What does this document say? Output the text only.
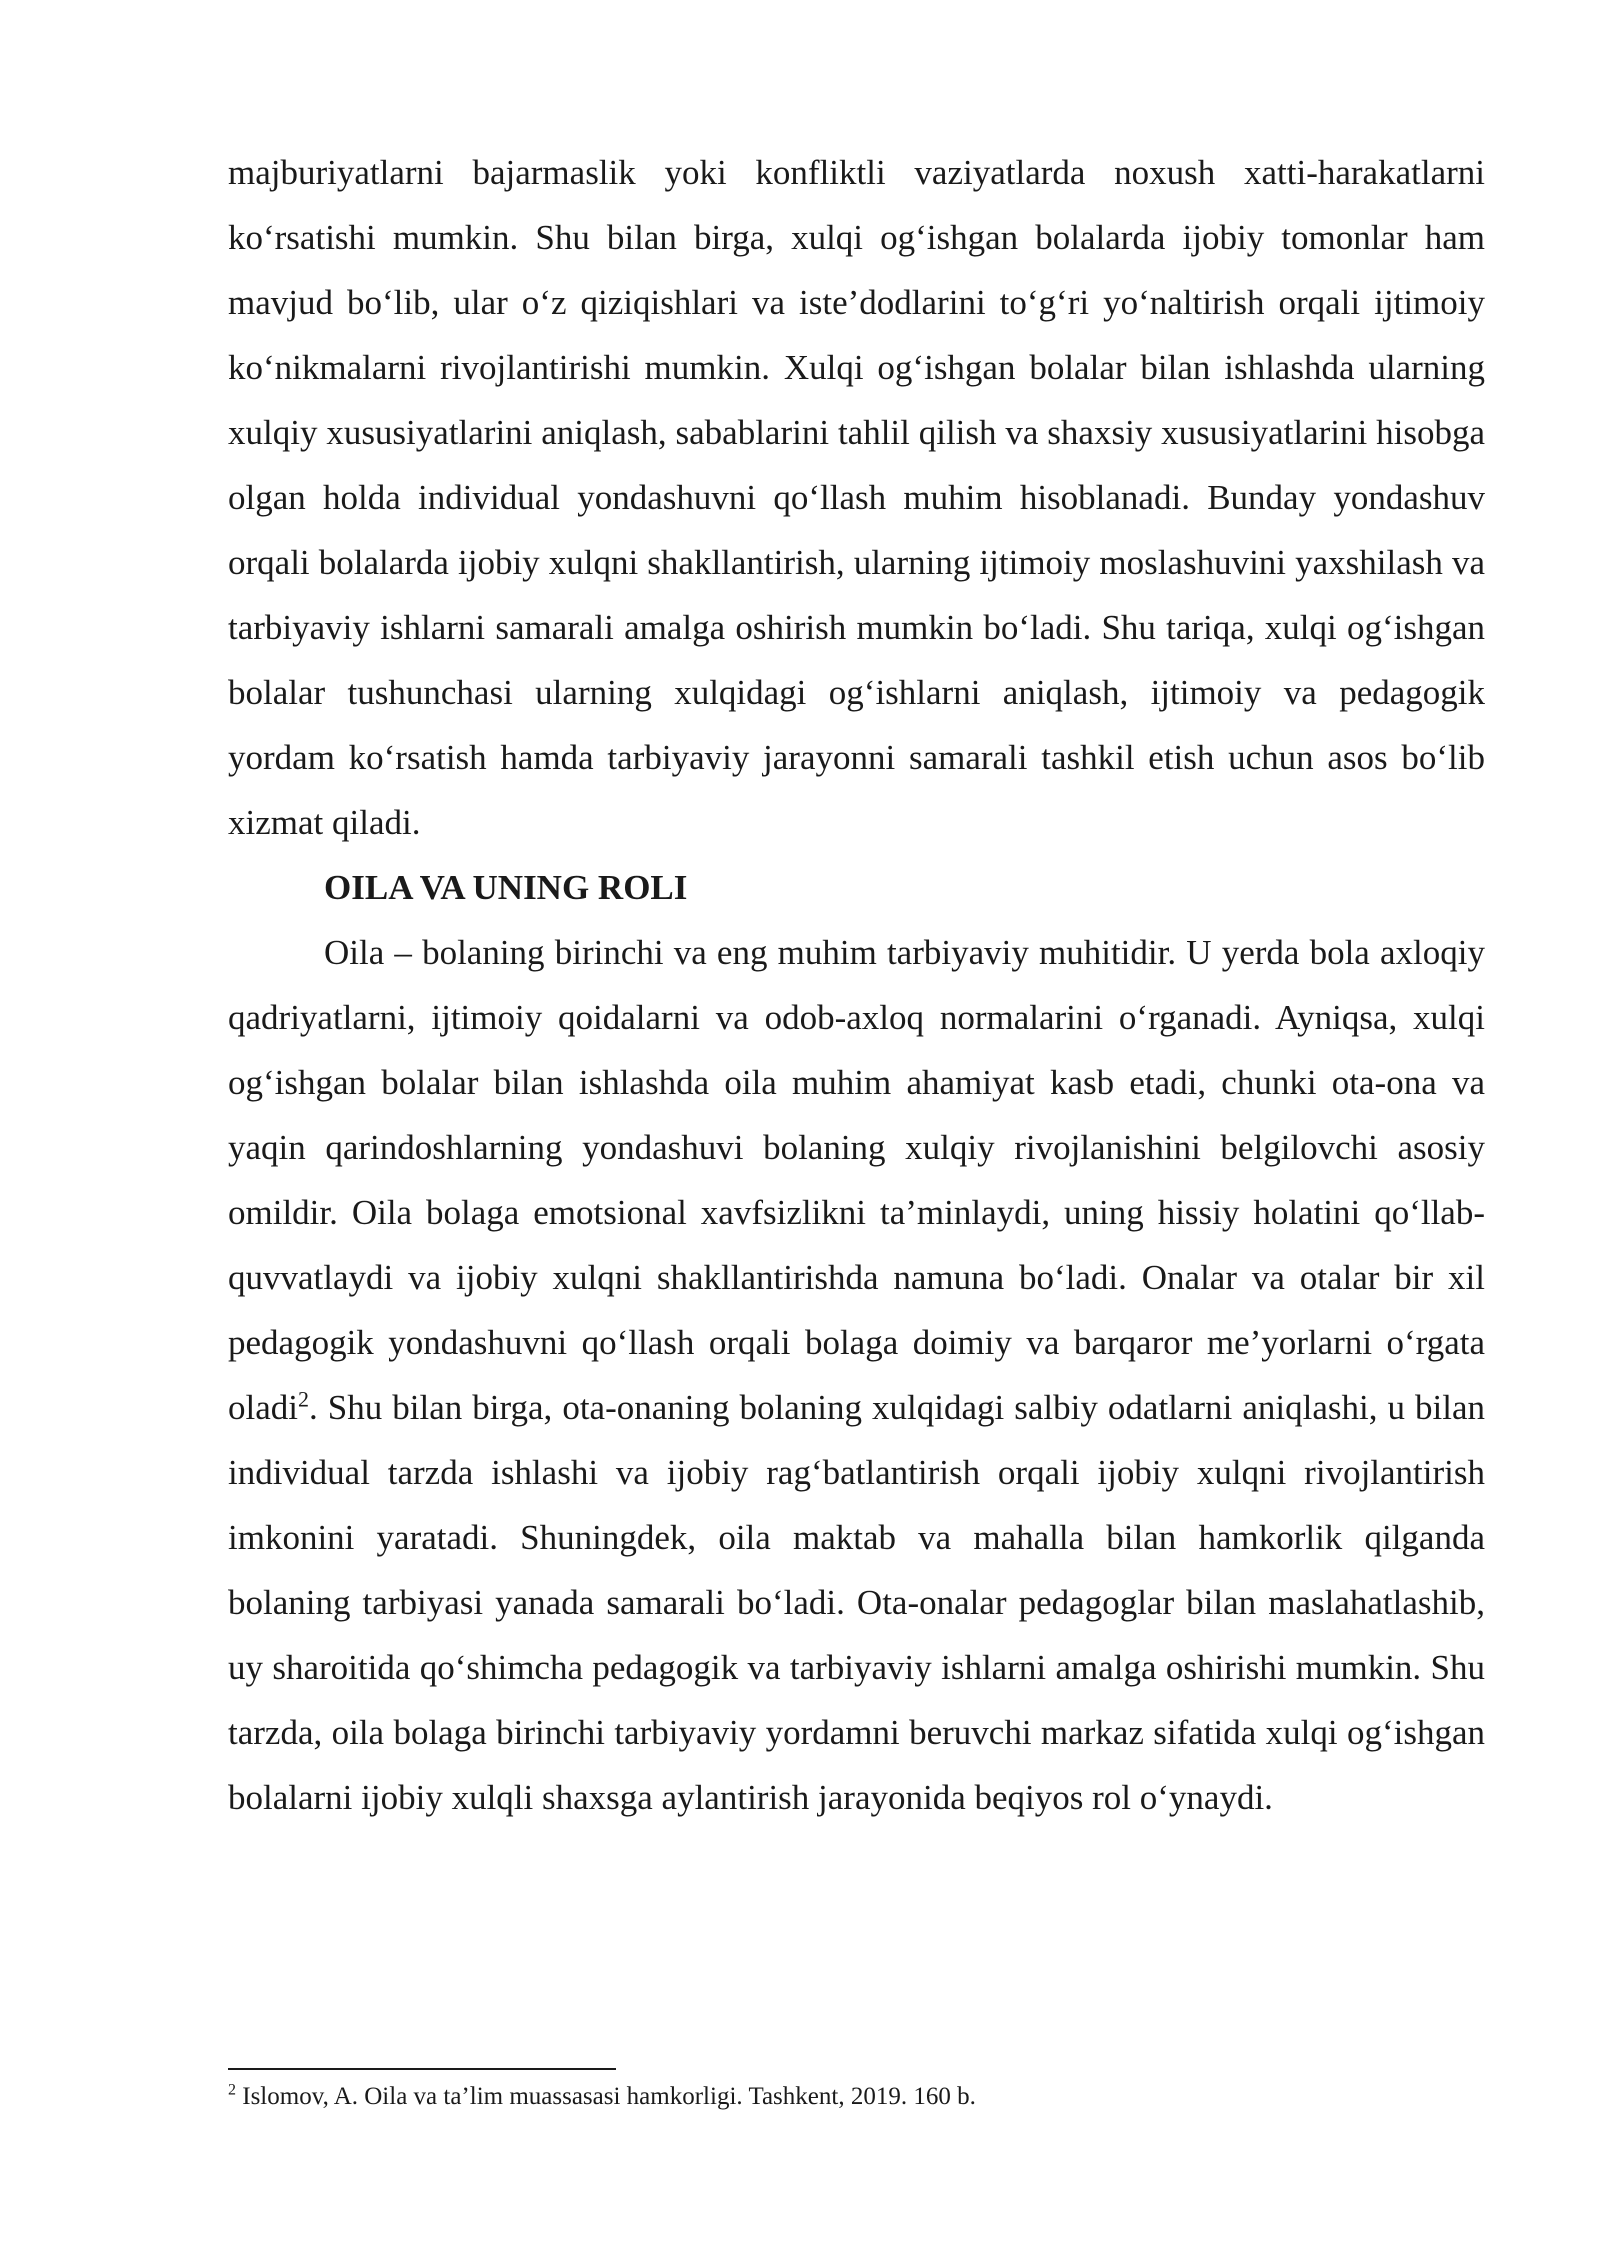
majburiyatlarni bajarmaslik yoki konfliktli vaziyatlarda noxush xatti-harakatlarni ko‘rsatishi mumkin. Shu bilan birga, xulqi og‘ishgan bolalarda ijobiy tomonlar ham mavjud bo‘lib, ular o‘z qiziqishlari va iste’dodlarini to‘g‘ri yo‘naltirish orqali ijtimoiy ko‘nikmalarni rivojlantirishi mumkin. Xulqi og‘ishgan bolalar bilan ishlashda ularning xulqiy xususiyatlarini aniqlash, sabablarini tahlil qilish va shaxsiy xususiyatlarini hisobga olgan holda individual yondashuvni qo‘llash muhim hisoblanadi. Bunday yondashuv orqali bolalarda ijobiy xulqni shakllantirish, ularning ijtimoiy moslashuvini yaxshilash va tarbiyaviy ishlarni samarali amalga oshirish mumkin bo‘ladi. Shu tariqa, xulqi og‘ishgan bolalar tushunchasi ularning xulqidagi og‘ishlarni aniqlash, ijtimoiy va pedagogik yordam ko‘rsatish hamda tarbiyaviy jarayonni samarali tashkil etish uchun asos bo‘lib xizmat qiladi.

OILA VA UNING ROLI

Oila – bolaning birinchi va eng muhim tarbiyaviy muhitidir. U yerda bola axloqiy qadriyatlarni, ijtimoiy qoidalarni va odob-axloq normalarini o‘rganadi. Ayniqsa, xulqi og‘ishgan bolalar bilan ishlashda oila muhim ahamiyat kasb etadi, chunki ota-ona va yaqin qarindoshlarning yondashuvi bolaning xulqiy rivojlanishini belgilovchi asosiy omildir. Oila bolaga emotsional xavfsizlikni ta’minlaydi, uning hissiy holatini qo‘llab-quvvatlaydi va ijobiy xulqni shakllantirishda namuna bo‘ladi. Onalar va otalar bir xil pedagogik yondashuvni qo‘llash orqali bolaga doimiy va barqaror me’yorlarni o‘rgata oladi$^2$. Shu bilan birga, ota-onaning bolaning xulqidagi salbiy odatlarni aniqlashi, u bilan individual tarzda ishlashi va ijobiy rag‘batlantirish orqali ijobiy xulqni rivojlantirish imkonini yaratadi. Shuningdek, oila maktab va mahalla bilan hamkorlik qilganda bolaning tarbiyasi yanada samarali bo‘ladi. Ota-onalar pedagoglar bilan maslahatlashib, uy sharoitida qo‘shimcha pedagogik va tarbiyaviy ishlarni amalga oshirishi mumkin. Shu tarzda, oila bolaga birinchi tarbiyaviy yordamni beruvchi markaz sifatida xulqi og‘ishgan bolalarni ijobiy xulqli shaxsga aylantirish jarayonida beqiyos rol o‘ynaydi.

$^2$ Islomov, A. Oila va ta’lim muassasasi hamkorligi. Tashkent, 2019. 160 b.
